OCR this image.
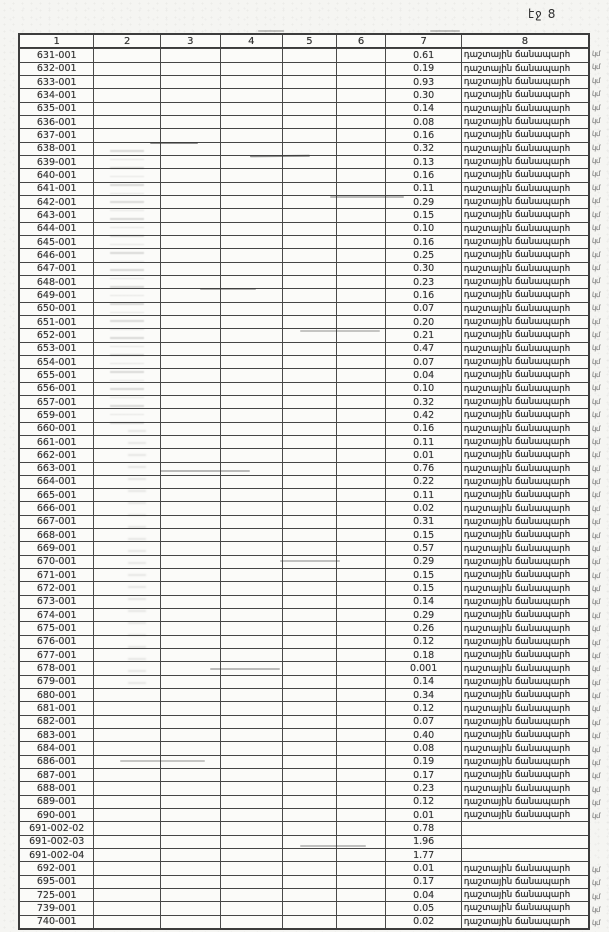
էջ 8
1	2	3	4	5	6	7	8
631-001	0.61	դաշտային ճանապարհ
632-001	0.19	դաշտային ճանապարհ
633-001	0.93	դաշտային ճանապարհ
634-001	0.30	դաշտային ճանապարհ
635-001	0.14	դաշտային ճանապարհ
636-001	0.08	դաշտային ճանապարհ
637-001	0.16	դաշտային ճանապարհ
638-001	0.32	դաշտային ճանապարհ
639-001	0.13	դաշտային ճանապարհ
640-001	0.16	դաշտային ճանապարհ
641-001	0.11	դաշտային ճանապարհ
642-001	0.29	դաշտային ճանապարհ
643-001	0.15	դաշտային ճանապարհ
644-001	0.10	դաշտային ճանապարհ
645-001	0.16	դաշտային ճանապարհ
646-001	0.25	դաշտային ճանապարհ
647-001	0.30	դաշտային ճանապարհ
648-001	0.23	դաշտային ճանապարհ
649-001	0.16	դաշտային ճանապարհ
650-001	0.07	դաշտային ճանապարհ
651-001	0.20	դաշտային ճանապարհ
652-001	0.21	դաշտային ճանապարհ
653-001	0.47	դաշտային ճանապարհ
654-001	0.07	դաշտային ճանապարհ
655-001	0.04	դաշտային ճանապարհ
656-001	0.10	դաշտային ճանապարհ
657-001	0.32	դաշտային ճանապարհ
659-001	0.42	դաշտային ճանապարհ
660-001	0.16	դաշտային ճանապարհ
661-001	0.11	դաշտային ճանապարհ
662-001	0.01	դաշտային ճանապարհ
663-001	0.76	դաշտային ճանապարհ
664-001	0.22	դաշտային ճանապարհ
665-001	0.11	դաշտային ճանապարհ
666-001	0.02	դաշտային ճանապարհ
667-001	0.31	դաշտային ճանապարհ
668-001	0.15	դաշտային ճանապարհ
669-001	0.57	դաշտային ճանապարհ
670-001	0.29	դաշտային ճանապարհ
671-001	0.15	դաշտային ճանապարհ
672-001	0.15	դաշտային ճանապարհ
673-001	0.14	դաշտային ճանապարհ
674-001	0.29	դաշտային ճանապարհ
675-001	0.26	դաշտային ճանապարհ
676-001	0.12	դաշտային ճանապարհ
677-001	0.18	դաշտային ճանապարհ
678-001	0.001	դաշտային ճանապարհ
679-001	0.14	դաշտային ճանապարհ
680-001	0.34	դաշտային ճանապարհ
681-001	0.12	դաշտային ճանապարհ
682-001	0.07	դաշտային ճանապարհ
683-001	0.40	դաշտային ճանապարհ
684-001	0.08	դաշտային ճանապարհ
686-001	0.19	դաշտային ճանապարհ
687-001	0.17	դաշտային ճանապարհ
688-001	0.23	դաշտային ճանապարհ
689-001	0.12	դաշտային ճանապարհ
690-001	0.01	դաշտային ճանապարհ
691-002-02	0.78
691-002-03	1.96
691-002-04	1.77
692-001	0.01	դաշտային ճանապարհ
695-001	0.17	դաշտային ճանապարհ
725-001	0.04	դաշտային ճանապարհ
739-001	0.05	դաշտային ճանապարհ
740-001	0.02	դաշտային ճանապարհ
կմ
կմ
կմ
կմ
կմ
կմ
կմ
կմ
կմ
կմ
կմ
կմ
կմ
կմ
կմ
կմ
կմ
կմ
կմ
կմ
կմ
կմ
կմ
կմ
կմ
կմ
կմ
կմ
կմ
կմ
կմ
կմ
կմ
կմ
կմ
կմ
կմ
կմ
կմ
կմ
կմ
կմ
կմ
կմ
կմ
կմ
կմ
կմ
կմ
կմ
կմ
կմ
կմ
կմ
կմ
կմ
կմ
կմ
կմ
կմ
կմ
կմ
կմ
